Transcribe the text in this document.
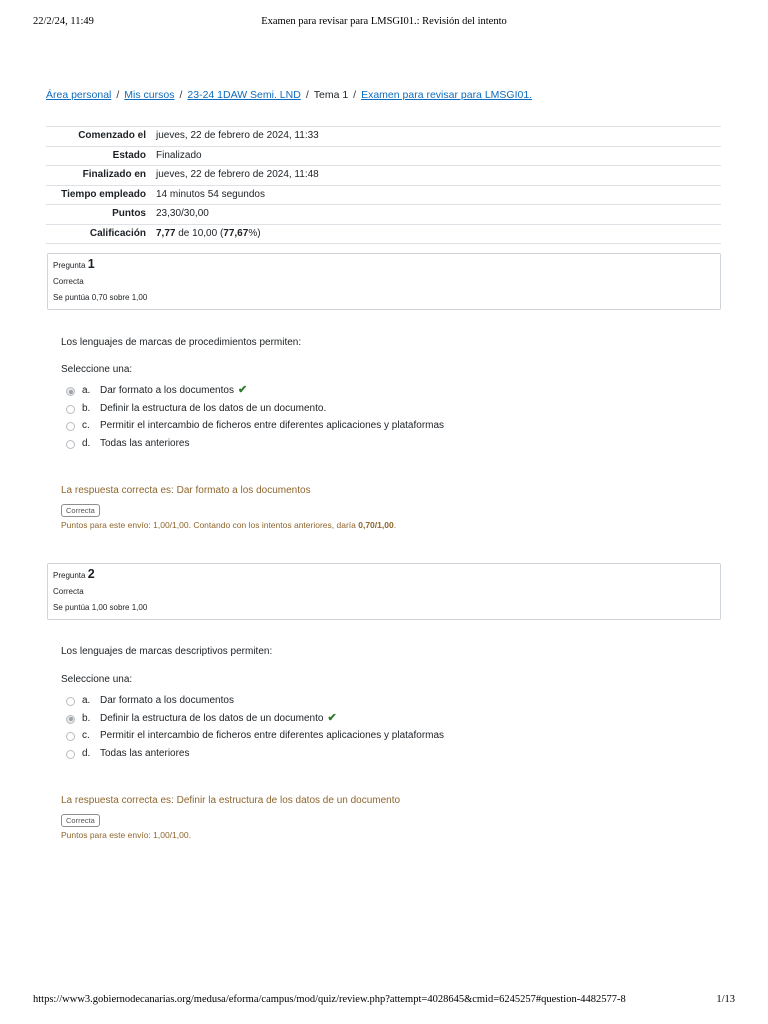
22/2/24, 11:49	Examen para revisar para LMSGI01.: Revisión del intento
Área personal / Mis cursos / 23-24 1DAW Semi. LND / Tema 1 / Examen para revisar para LMSGI01.
Comenzado el	jueves, 22 de febrero de 2024, 11:33
Estado	Finalizado
Finalizado en	jueves, 22 de febrero de 2024, 11:48
Tiempo empleado	14 minutos 54 segundos
Puntos	23,30/30,00
Calificación	7,77 de 10,00 (77,67%)
Pregunta 1
Correcta
Se puntúa 0,70 sobre 1,00
Los lenguajes de marcas de procedimientos permiten:
Seleccione una:
a. Dar formato a los documentos ✔
b. Definir la estructura de los datos de un documento.
c. Permitir el intercambio de ficheros entre diferentes aplicaciones y plataformas
d. Todas las anteriores
La respuesta correcta es: Dar formato a los documentos
Correcta
Puntos para este envío: 1,00/1,00. Contando con los intentos anteriores, daría 0,70/1,00.
Pregunta 2
Correcta
Se puntúa 1,00 sobre 1,00
Los lenguajes de marcas descriptivos permiten:
Seleccione una:
a. Dar formato a los documentos
b. Definir la estructura de los datos de un documento ✔
c. Permitir el intercambio de ficheros entre diferentes aplicaciones y plataformas
d. Todas las anteriores
La respuesta correcta es: Definir la estructura de los datos de un documento
Correcta
Puntos para este envío: 1,00/1,00.
https://www3.gobiernodecanarias.org/medusa/eforma/campus/mod/quiz/review.php?attempt=4028645&cmid=6245257#question-4482577-8	1/13
